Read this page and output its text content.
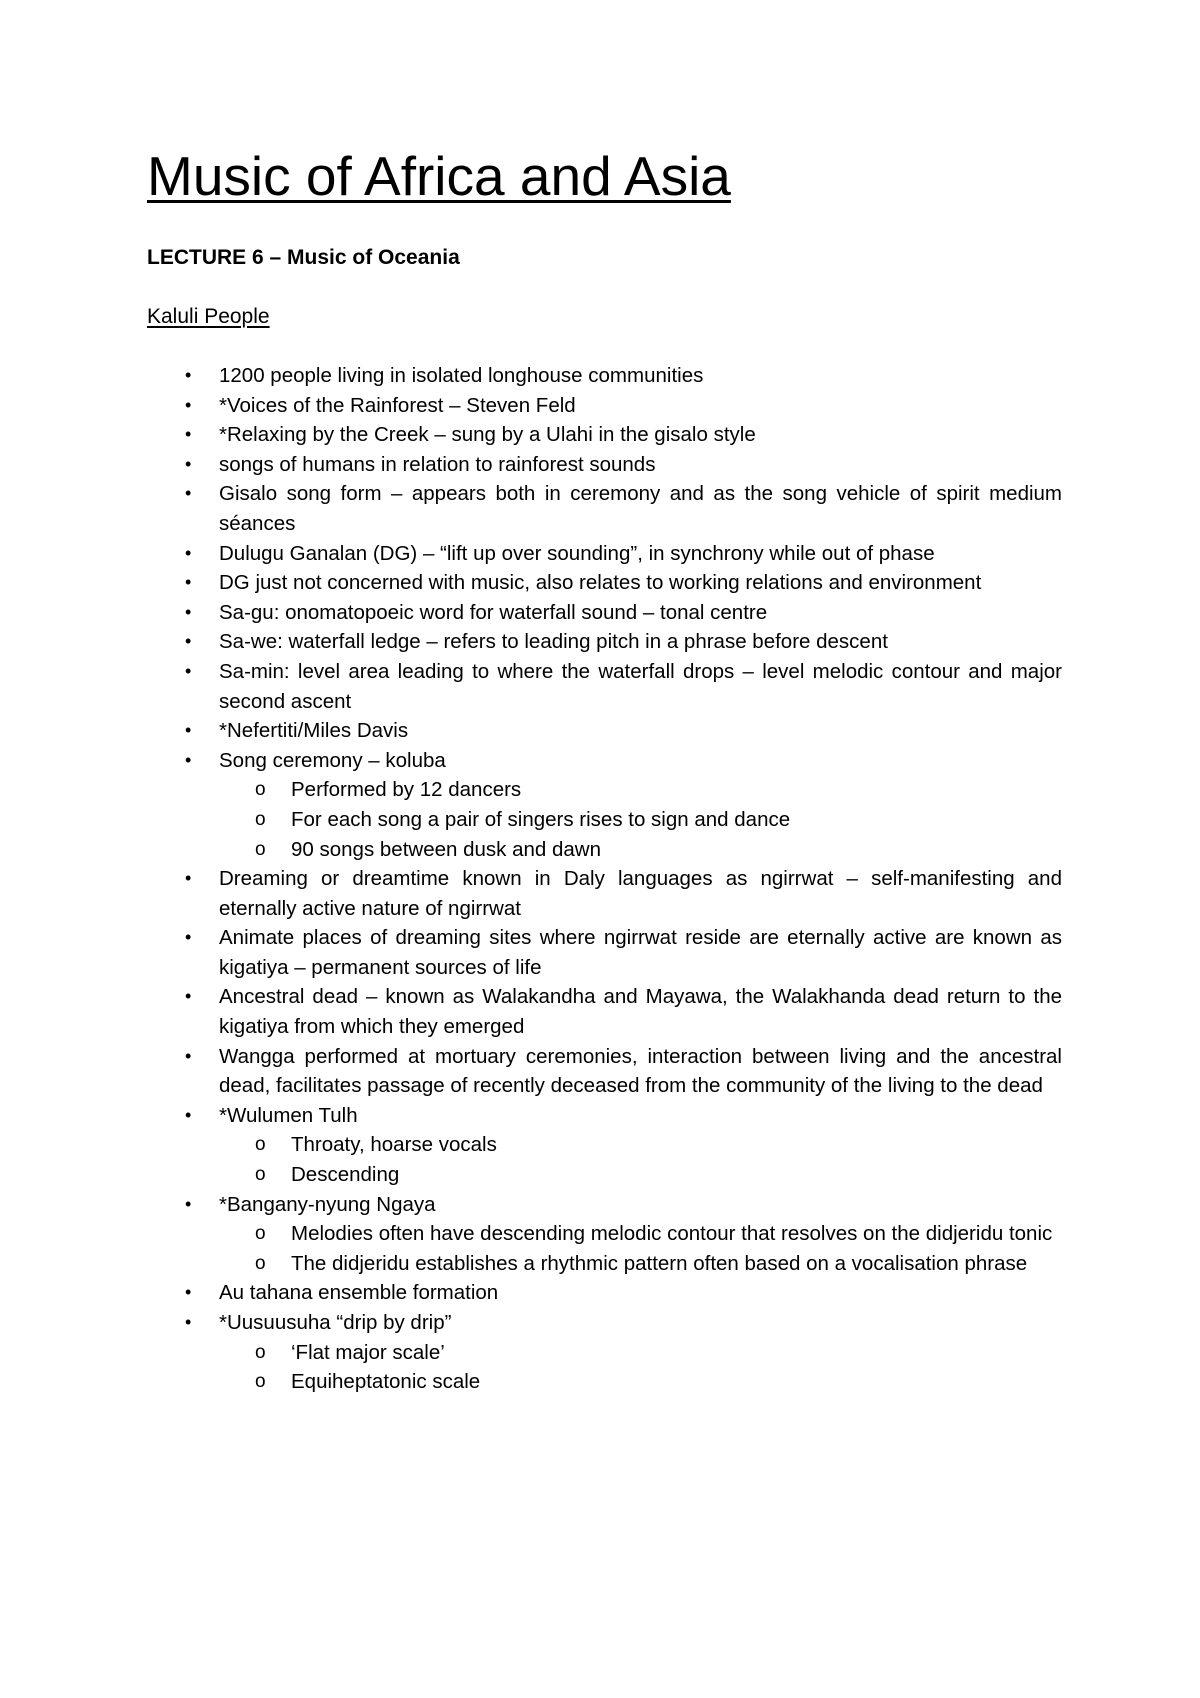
Music of Africa and Asia

LECTURE 6 – Music of Oceania

Kaluli People

• 1200 people living in isolated longhouse communities
• *Voices of the Rainforest – Steven Feld
• *Relaxing by the Creek – sung by a Ulahi in the gisalo style
• songs of humans in relation to rainforest sounds
• Gisalo song form – appears both in ceremony and as the song vehicle of spirit medium séances
• Dulugu Ganalan (DG) – “lift up over sounding”, in synchrony while out of phase
• DG just not concerned with music, also relates to working relations and environment
• Sa-gu: onomatopoeic word for waterfall sound – tonal centre
• Sa-we: waterfall ledge – refers to leading pitch in a phrase before descent
• Sa-min: level area leading to where the waterfall drops – level melodic contour and major second ascent
• *Nefertiti/Miles Davis
• Song ceremony – koluba
o Performed by 12 dancers
o For each song a pair of singers rises to sign and dance
o 90 songs between dusk and dawn
• Dreaming or dreamtime known in Daly languages as ngirrwat – self-manifesting and eternally active nature of ngirrwat
• Animate places of dreaming sites where ngirrwat reside are eternally active are known as kigatiya – permanent sources of life
• Ancestral dead – known as Walakandha and Mayawa, the Walakhanda dead return to the kigatiya from which they emerged
• Wangga performed at mortuary ceremonies, interaction between living and the ancestral dead, facilitates passage of recently deceased from the community of the living to the dead
• *Wulumen Tulh
o Throaty, hoarse vocals
o Descending
• *Bangany-nyung Ngaya
o Melodies often have descending melodic contour that resolves on the didjeridu tonic
o The didjeridu establishes a rhythmic pattern often based on a vocalisation phrase
• Au tahana ensemble formation
• *Uusuusuha “drip by drip”
o ‘Flat major scale’
o Equiheptatonic scale
